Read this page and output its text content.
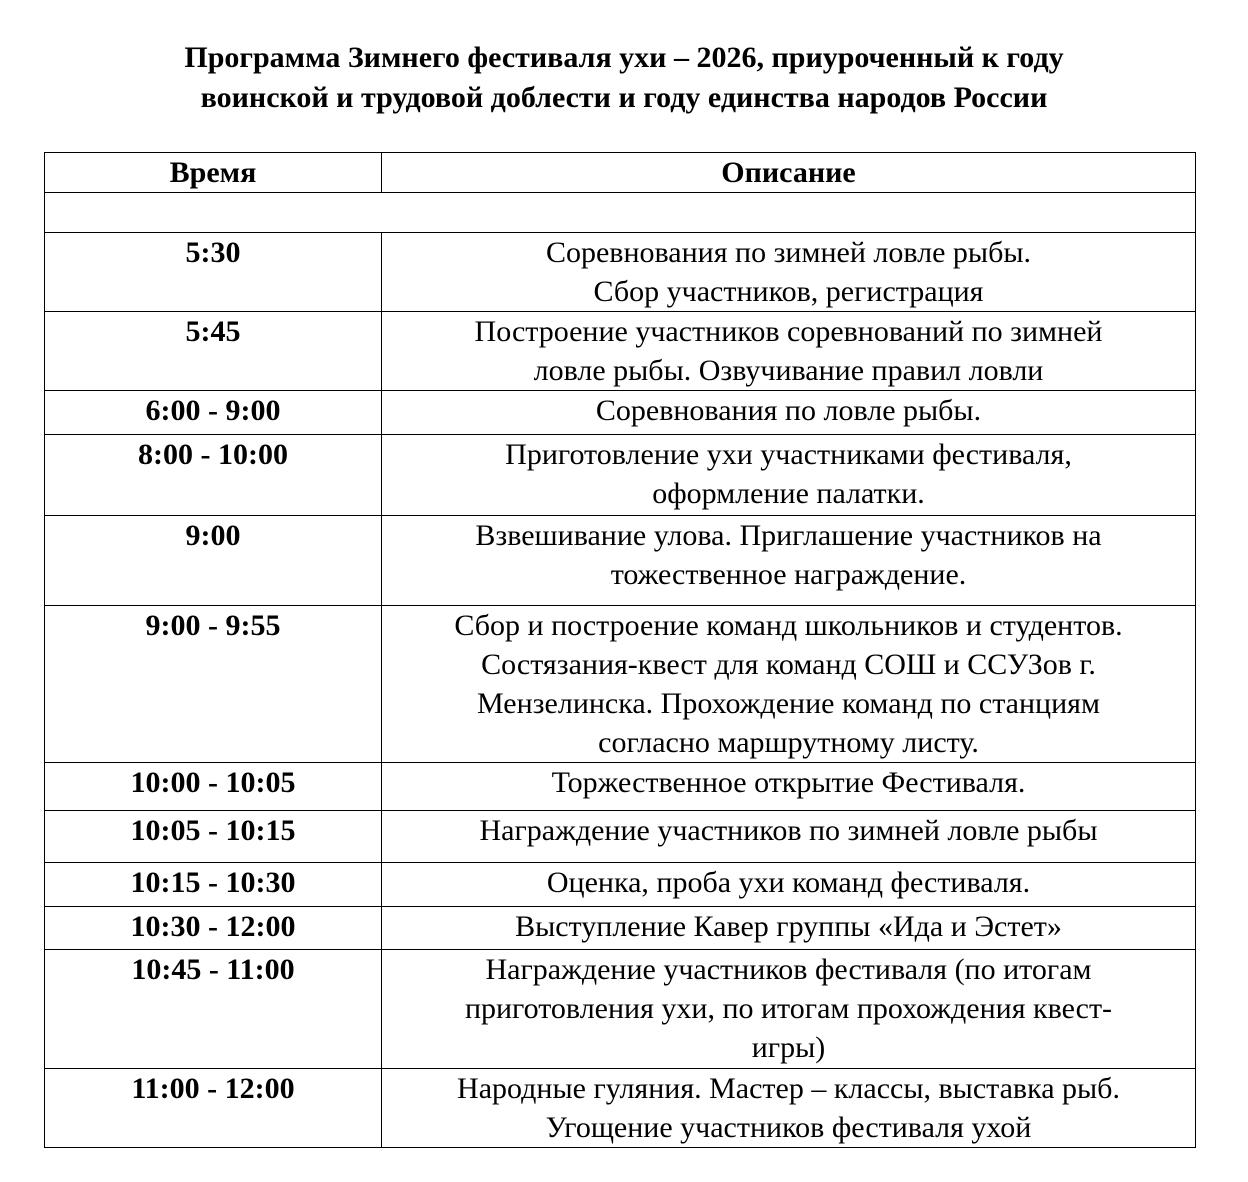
Программа Зимнего фестиваля ухи – 2026, приуроченный к году
воинской и трудовой доблести и году единства народов России
Время	Описание

5:30	Соревнования по зимней ловле рыбы.
Сбор участников, регистрация

5:45	Построение участников соревнований по зимней
ловле рыбы. Озвучивание правил ловли

6:00 - 9:00	Соревнования по ловле рыбы.

8:00 - 10:00	Приготовление ухи участниками фестиваля,
оформление палатки.

9:00	Взвешивание улова. Приглашение участников на
тожественное награждение.

9:00 - 9:55	Сбор и построение команд школьников и студентов.
Состязания-квест для команд СОШ и ССУЗов г.
Мензелинска. Прохождение команд по станциям
согласно маршрутному листу.

10:00 - 10:05	Торжественное открытие Фестиваля.

10:05 - 10:15	Награждение участников по зимней ловле рыбы

10:15 - 10:30	Оценка, проба ухи команд фестиваля.

10:30 - 12:00	Выступление Кавер группы «Ида и Эстет»

10:45 - 11:00	Награждение участников фестиваля (по итогам
приготовления ухи, по итогам прохождения квест-
игры)

11:00 - 12:00	Народные гуляния. Мастер – классы, выставка рыб.
Угощение участников фестиваля ухой
